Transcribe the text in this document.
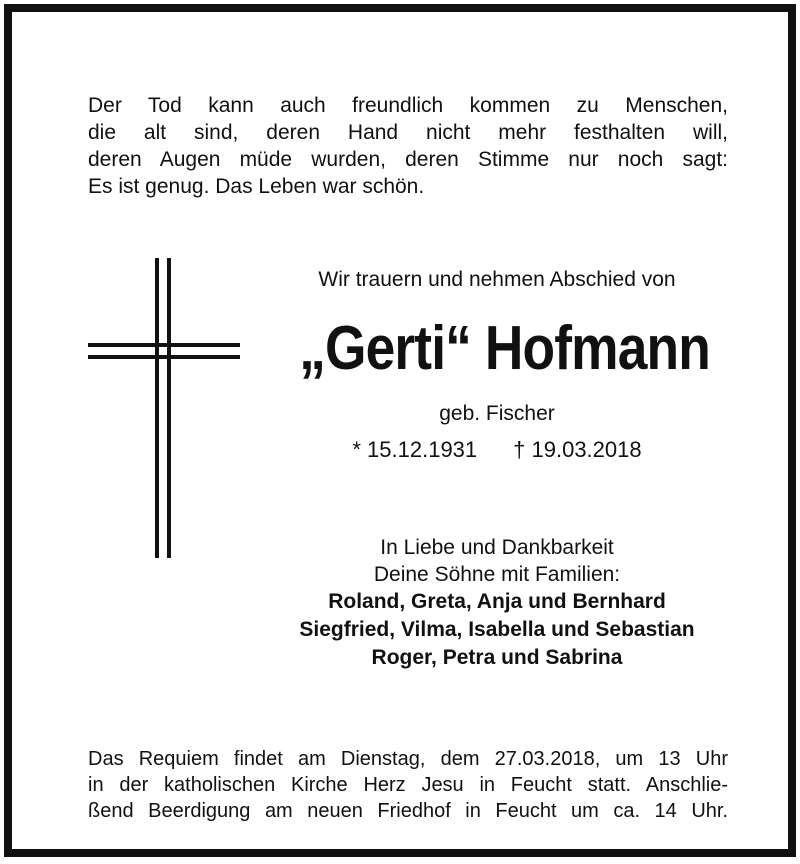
Der Tod kann auch freundlich kommen zu Menschen,
die alt sind, deren Hand nicht mehr festhalten will,
deren Augen müde wurden, deren Stimme nur noch sagt:
Es ist genug. Das Leben war schön.
Wir trauern und nehmen Abschied von
„Gerti“ Hofmann
geb. Fischer
* 15.12.1931 † 19.03.2018
In Liebe und Dankbarkeit
Deine Söhne mit Familien:
Roland, Greta, Anja und Bernhard
Siegfried, Vilma, Isabella und Sebastian
Roger, Petra und Sabrina
Das Requiem findet am Dienstag, dem 27.03.2018, um 13 Uhr
in der katholischen Kirche Herz Jesu in Feucht statt. Anschlie-
ßend Beerdigung am neuen Friedhof in Feucht um ca. 14 Uhr.
